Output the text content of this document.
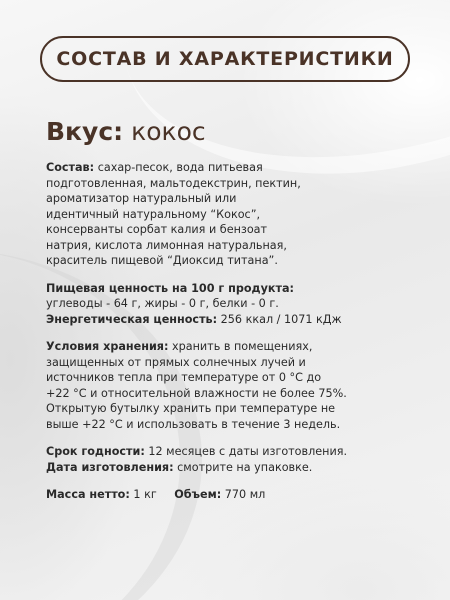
СОСТАВ И ХАРАКТЕРИСТИКИ
Вкус: кокос
Состав: сахар-песок, вода питьевая
подготовленная, мальтодекстрин, пектин,
ароматизатор натуральный или
идентичный натуральному “Кокос”,
консерванты сорбат калия и бензоат
натрия, кислота лимонная натуральная,
краситель пищевой “Диоксид титана”.
Пищевая ценность на 100 г продукта:
углеводы - 64 г, жиры - 0 г, белки - 0 г.
Энергетическая ценность: 256 ккал / 1071 кДж
Условия хранения: хранить в помещениях,
защищенных от прямых солнечных лучей и
источников тепла при температуре от 0 °С до
+22 °С и относительной влажности не более 75%.
Открытую бутылку хранить при температуре не
выше +22 °С и использовать в течение 3 недель.
Срок годности: 12 месяцев с даты изготовления.
Дата изготовления: смотрите на упаковке.
Масса нетто: 1 кг Объем: 770 мл
